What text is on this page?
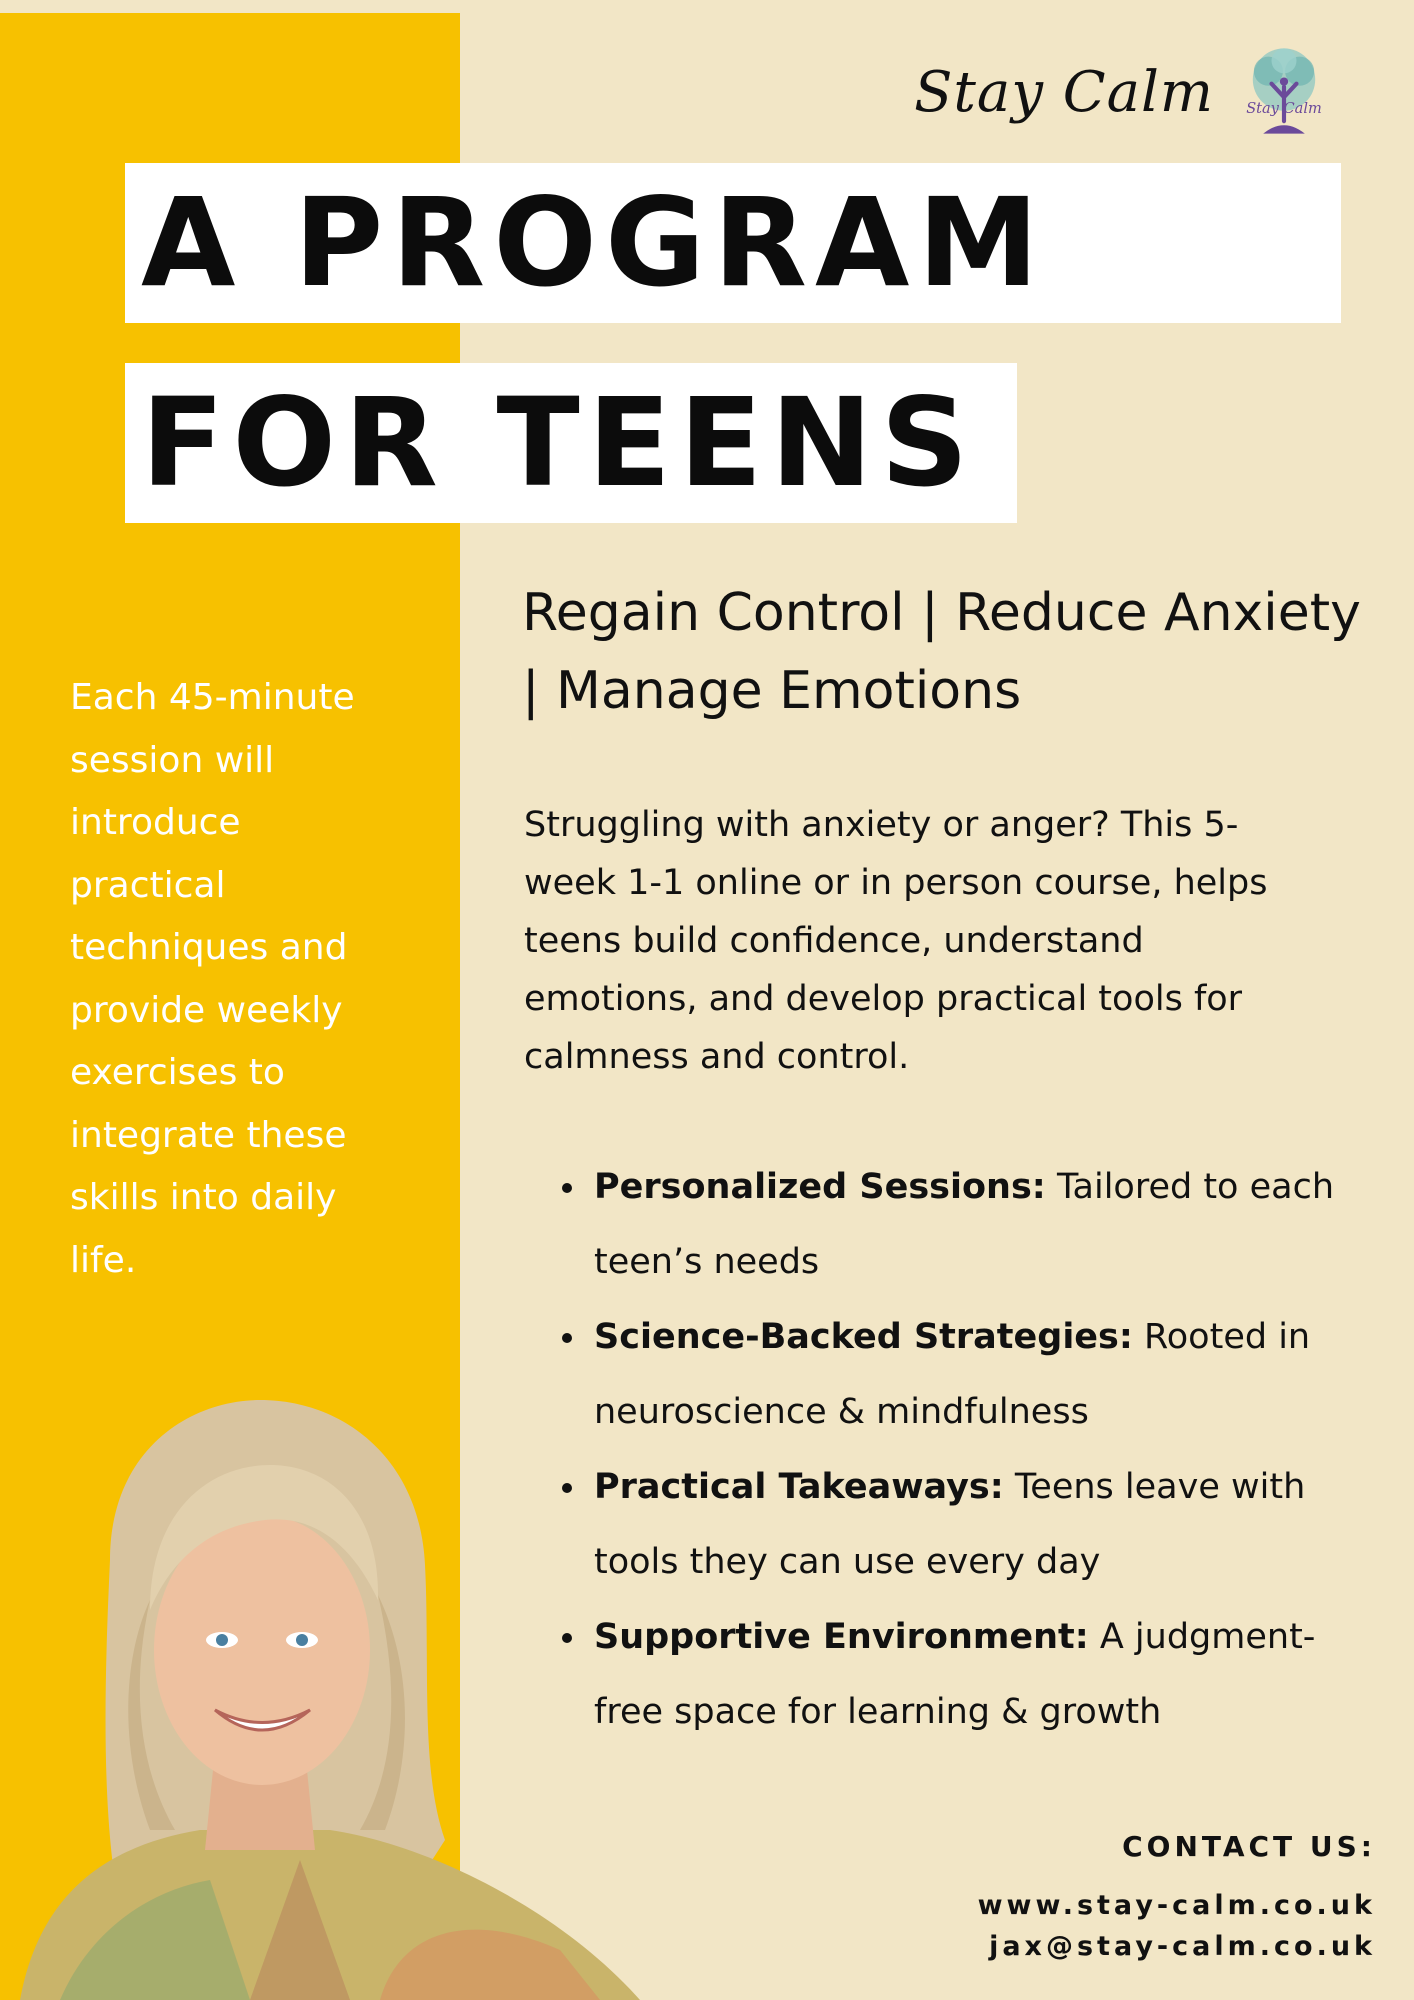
Stay Calm Stay Calm
A PROGRAM
FOR TEENS
Regain Control | Reduce Anxiety | Manage Emotions
Each 45-minute session will introduce practical techniques and provide weekly exercises to integrate these skills into daily life.
Struggling with anxiety or anger? This 5-week 1-1 online or in person course, helps teens build confidence, understand emotions, and develop practical tools for calmness and control.
Personalized Sessions: Tailored to each teen’s needs
Science-Backed Strategies: Rooted in neuroscience & mindfulness
Practical Takeaways: Teens leave with tools they can use every day
Supportive Environment: A judgment-free space for learning & growth
CONTACT US:
www.stay-calm.co.uk
jax@stay-calm.co.uk
